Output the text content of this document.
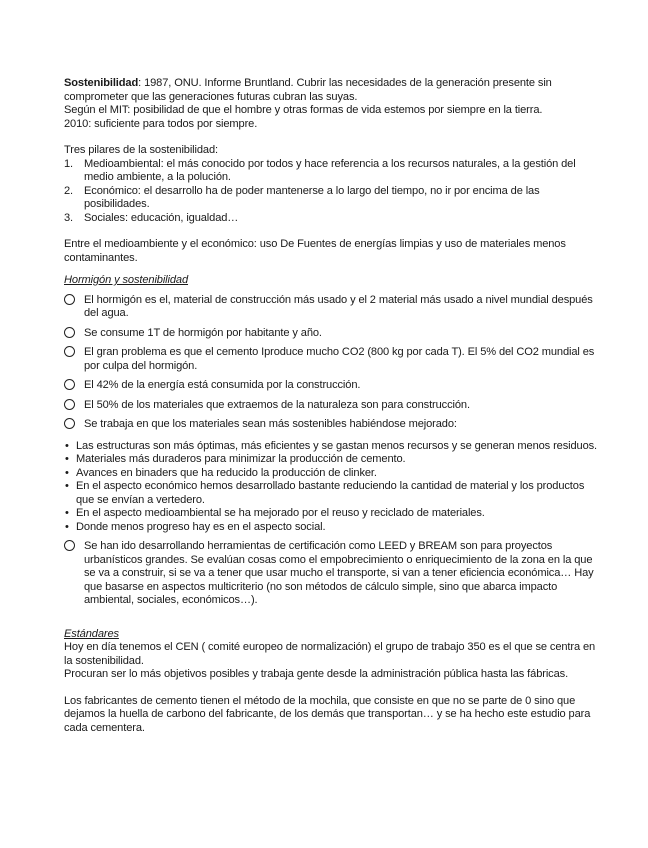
Sostenibilidad: 1987, ONU. Informe Bruntland. Cubrir las necesidades de la generación presente sin comprometer que las generaciones futuras cubran las suyas.

Según el MIT: posibilidad de que el hombre y otras formas de vida estemos por siempre en la tierra.

2010: suficiente para todos por siempre.

Tres pilares de la sostenibilidad:

1. Medioambiental: el más conocido por todos y hace referencia a los recursos naturales, a la gestión del medio ambiente, a la polución.
2. Económico: el desarrollo ha de poder mantenerse a lo largo del tiempo, no ir por encima de las posibilidades.
3. Sociales: educación, igualdad…

Entre el medioambiente y el económico: uso De Fuentes de energías limpias y uso de materiales menos contaminantes.

Hormigón y sostenibilidad

El hormigón es el, material de construcción más usado y el 2 material más usado a nivel mundial después del agua.
Se consume 1T de hormigón por habitante y año.
El gran problema es que el cemento Iproduce mucho CO2 (800 kg por cada T). El 5% del CO2 mundial es por culpa del hormigón.
El 42% de la energía está consumida por la construcción.
El 50% de los materiales que extraemos de la naturaleza son para construcción.
Se trabaja en que los materiales sean más sostenibles habiéndose mejorado:
• Las estructuras son más óptimas, más eficientes y se gastan menos recursos y se generan menos residuos.
• Materiales más duraderos para minimizar la producción de cemento.
• Avances en binaders que ha reducido la producción de clinker.
• En el aspecto económico hemos desarrollado bastante reduciendo la cantidad de material y los productos que se envían a vertedero.
• En el aspecto medioambiental se ha mejorado por el reuso y reciclado de materiales.
• Donde menos progreso hay es en el aspecto social.
Se han ido desarrollando herramientas de certificación como LEED y BREAM son para proyectos urbanísticos grandes. Se evalúan cosas como el empobrecimiento o enriquecimiento de la zona en la que se va a construir, si se va a tener que usar mucho el transporte, si van a tener eficiencia económica… Hay que basarse en aspectos multicriterio (no son métodos de cálculo simple, sino que abarca impacto ambiental, sociales, económicos…).

Estándares

Hoy en día tenemos el CEN ( comité europeo de normalización) el grupo de trabajo 350 es el que se centra en la sostenibilidad.

Procuran ser lo más objetivos posibles y trabaja gente desde la administración pública hasta las fábricas.

Los fabricantes de cemento tienen el método de la mochila, que consiste en que no se parte de 0 sino que dejamos la huella de carbono del fabricante, de los demás que transportan… y se ha hecho este estudio para cada cementera.
